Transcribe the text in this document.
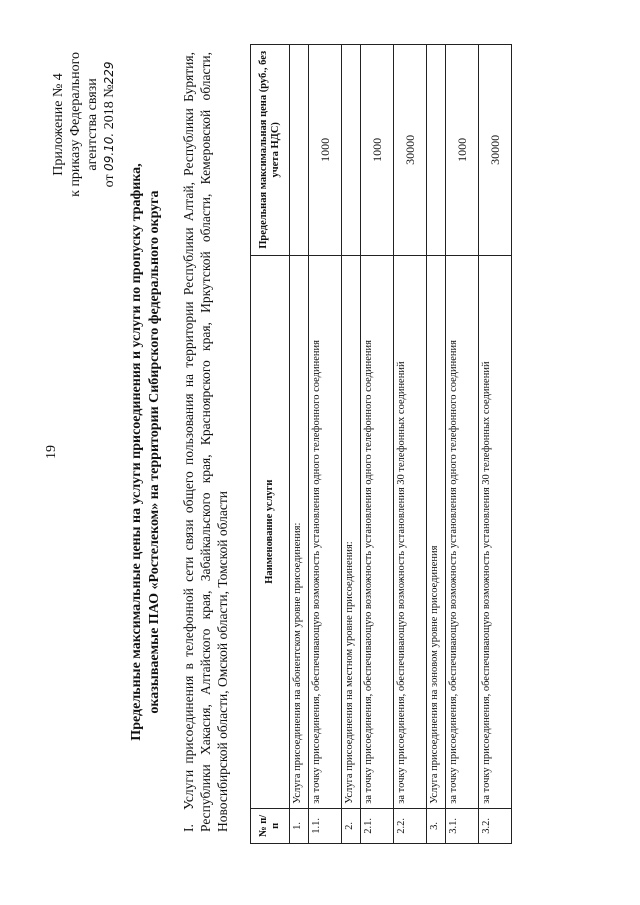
19
Приложение № 4 к приказу Федерального агентства связи
от 09.10. 2018 №229
Предельные максимальные цены на услуги присоединения и услуги по пропуску трафика, оказываемые ПАО «Ростелеком» на территории Сибирского федерального округа
I.Услуги присоединения в телефонной сети связи общего пользования на территории Республики Алтай, Республики Бурятия, Республики Хакасия, Алтайского края, Забайкальского края, Красноярского края, Иркутской области, Кемеровской области, Новосибирской области, Омской области, Томской области	№ п/п	Наименование услуги	Предельная максимальная цена (руб., без учета НДС)
1.	Услуга присоединения на абонентском уровне присоединения:	
1.1.	за точку присоединения, обеспечивающую возможность установления одного телефонного соединения	1000
2.	Услуга присоединения на местном уровне присоединения:	
2.1.	за точку присоединения, обеспечивающую возможность установления одного телефонного соединения	1000
2.2.	за точку присоединения, обеспечивающую возможность установления 30 телефонных соединений	30000
3.	Услуга присоединения на зоновом уровне присоединения	
3.1.	за точку присоединения, обеспечивающую возможность установления одного телефонного соединения	1000
3.2.	за точку присоединения, обеспечивающую возможность установления 30 телефонных соединений	30000
